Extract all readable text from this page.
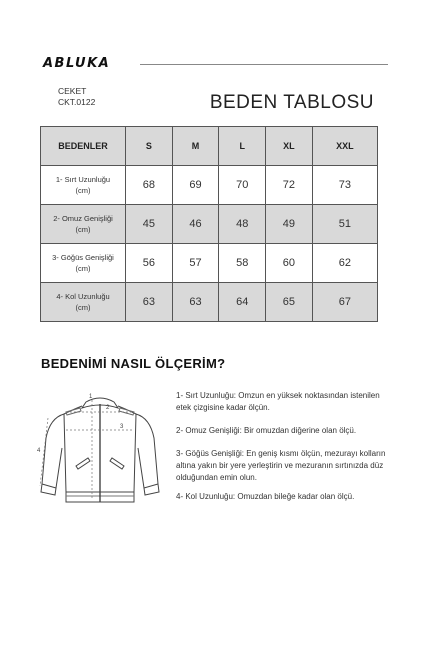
ABLUKA
CEKET
CKT.0122	BEDEN TABLOSU
BEDENLER	S	M	L	XL	XXL
1- Sırt Uzunluğu
(cm)	68	69	70	72	73
2- Omuz Genişliği
(cm)	45	46	48	49	51
3- Göğüs Genişliği
(cm)	56	57	58	60	62
4- Kol Uzunluğu
(cm)	63	63	64	65	67
BEDENİMİ NASIL ÖLÇERİM?
1
2
3
4
1- Sırt Uzunluğu: Omzun en yüksek noktasından istenilen etek çizgisine kadar ölçün.
2- Omuz Genişliği: Bir omuzdan diğerine olan ölçü.
3- Göğüs Genişliği: En geniş kısmı ölçün, mezurayı kolların altına yakın bir yere yerleştirin ve mezuranın sırtınızda düz olduğundan emin olun.
4- Kol Uzunluğu: Omuzdan bileğe kadar olan ölçü.
